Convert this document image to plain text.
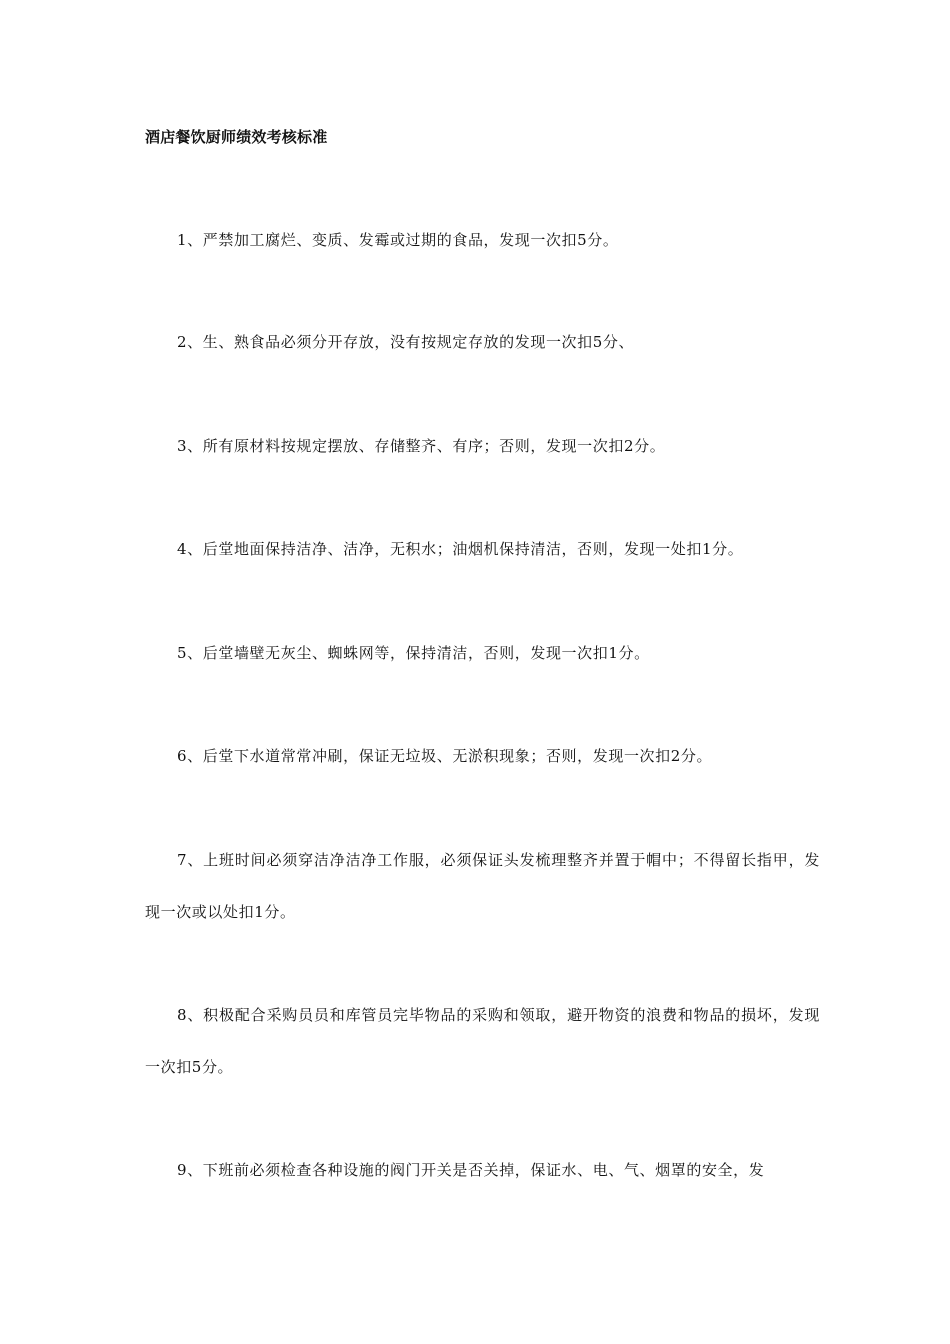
酒店餐饮厨师绩效考核标准

1、严禁加工腐烂、变质、发霉或过期的食品，发现一次扣5分。

2、生、熟食品必须分开存放，没有按规定存放的发现一次扣5分、

3、所有原材料按规定摆放、存储整齐、有序；否则，发现一次扣2分。

4、后堂地面保持洁净、洁净，无积水；油烟机保持清洁，否则，发现一处扣1分。

5、后堂墙壁无灰尘、蜘蛛网等，保持清洁，否则，发现一次扣1分。

6、后堂下水道常常冲刷，保证无垃圾、无淤积现象；否则，发现一次扣2分。

7、上班时间必须穿洁净洁净工作服，必须保证头发梳理整齐并置于帽中；不得留长指甲，发现一次或以处扣1分。

8、积极配合采购员员和库管员完毕物品的采购和领取，避开物资的浪费和物品的损坏，发现一次扣5分。

9、下班前必须检查各种设施的阀门开关是否关掉，保证水、电、气、烟罩的安全，发
